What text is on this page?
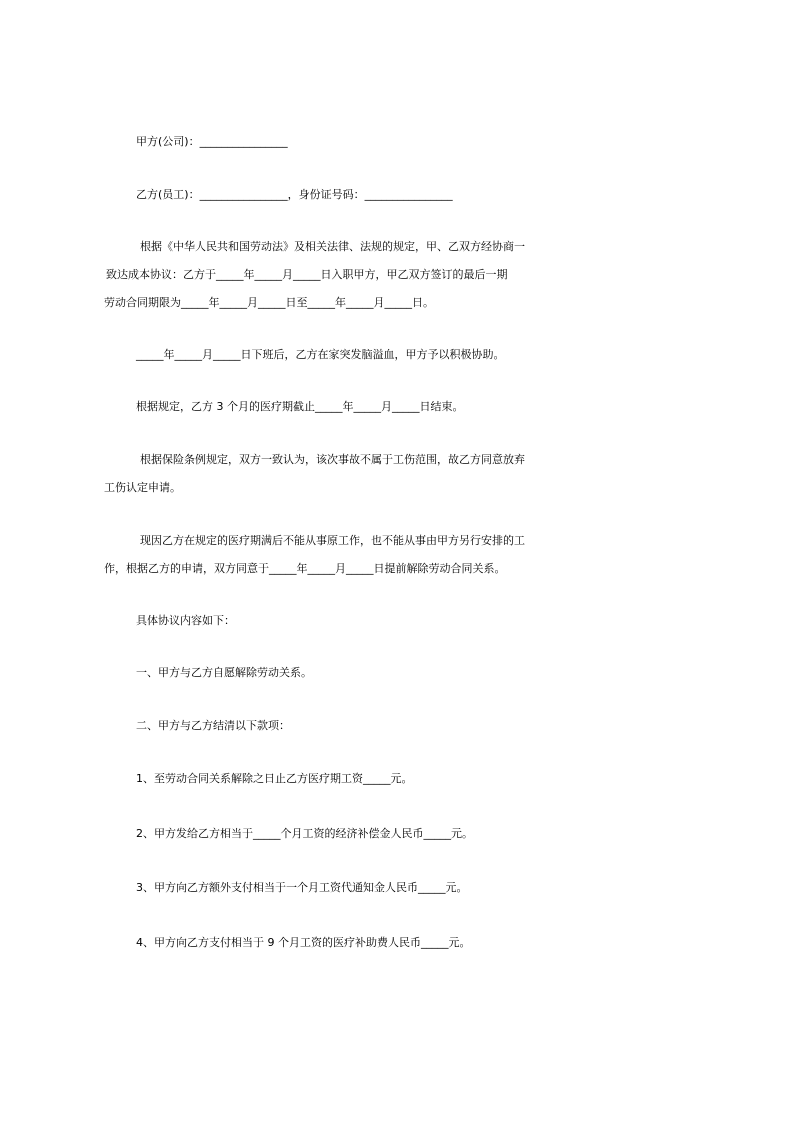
甲方(公司)：________________
乙方(员工)：________________，身份证号码：________________
根据《中华人民共和国劳动法》及相关法律、法规的规定，甲、乙双方经协商一
致达成本协议：乙方于_____年_____月_____日入职甲方，甲乙双方签订的最后一期
劳动合同期限为_____年_____月_____日至_____年_____月_____日。
_____年_____月_____日下班后，乙方在家突发脑溢血，甲方予以积极协助。
根据规定，乙方 3 个月的医疗期截止_____年_____月_____日结束。
根据保险条例规定，双方一致认为，该次事故不属于工伤范围，故乙方同意放弃
工伤认定申请。
现因乙方在规定的医疗期满后不能从事原工作，也不能从事由甲方另行安排的工
作，根据乙方的申请，双方同意于_____年_____月_____日提前解除劳动合同关系。
具体协议内容如下：
一、甲方与乙方自愿解除劳动关系。
二、甲方与乙方结清以下款项：
1、至劳动合同关系解除之日止乙方医疗期工资_____元。
2、甲方发给乙方相当于_____个月工资的经济补偿金人民币_____元。
3、甲方向乙方额外支付相当于一个月工资代通知金人民币_____元。
4、甲方向乙方支付相当于 9 个月工资的医疗补助费人民币_____元。
